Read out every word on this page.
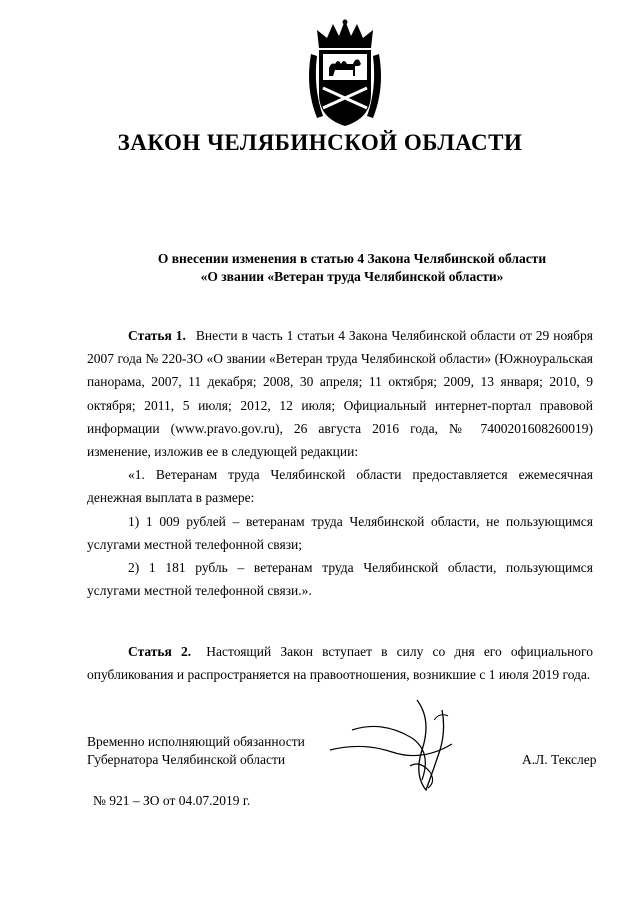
ЗАКОН ЧЕЛЯБИНСКОЙ ОБЛАСТИ
О внесении изменения в статью 4 Закона Челябинской области
«О звании «Ветеран труда Челябинской области»

Статья 1. Внести в часть 1 статьи 4 Закона Челябинской области от 29 ноября 2007 года № 220-ЗО «О звании «Ветеран труда Челябинской области» (Южноуральская панорама, 2007, 11 декабря; 2008, 30 апреля; 11 октября; 2009, 13 января; 2010, 9 октября; 2011, 5 июля; 2012, 12 июля; Официальный интернет-портал правовой информации (www.pravo.gov.ru), 26 августа 2016 года, № 7400201608260019) изменение, изложив ее в следующей редакции:

«1. Ветеранам труда Челябинской области предоставляется ежемесячная денежная выплата в размере:

1) 1 009 рублей – ветеранам труда Челябинской области, не пользующимся услугами местной телефонной связи;

2) 1 181 рубль – ветеранам труда Челябинской области, пользующимся услугами местной телефонной связи.».

Статья 2. Настоящий Закон вступает в силу со дня его официального опубликования и распространяется на правоотношения, возникшие с 1 июля 2019 года.

Временно исполняющий обязанности
Губернатора Челябинской области	А.Л. Текслер
№ 921 – ЗО от 04.07.2019 г.
